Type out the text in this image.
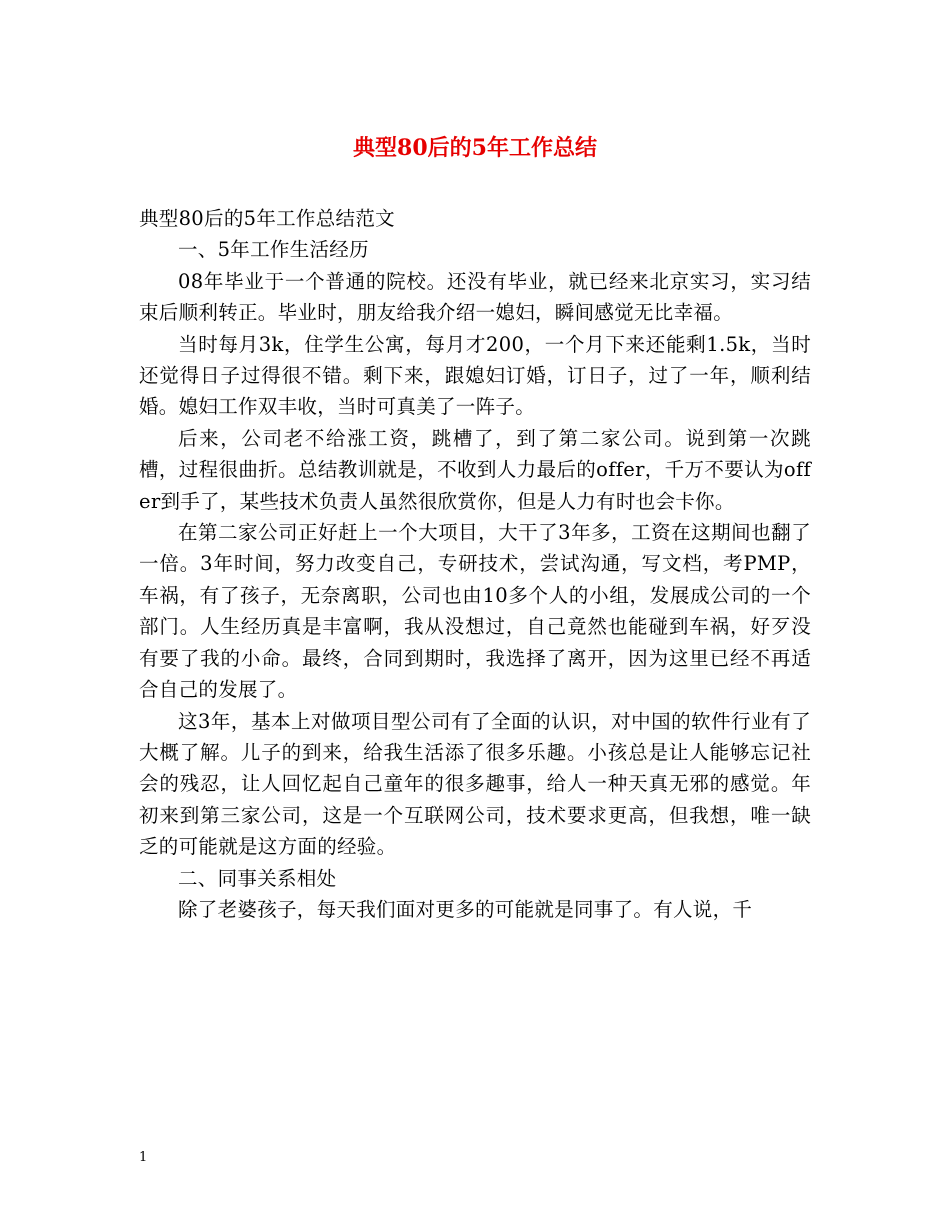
典型80后的5年工作总结

典型80后的5年工作总结范文

一、5年工作生活经历

08年毕业于一个普通的院校。还没有毕业，就已经来北京实习，实习结束后顺利转正。毕业时，朋友给我介绍一媳妇，瞬间感觉无比幸福。

当时每月3k，住学生公寓，每月才200，一个月下来还能剩1.5k，当时还觉得日子过得很不错。剩下来，跟媳妇订婚，订日子，过了一年，顺利结婚。媳妇工作双丰收，当时可真美了一阵子。

后来，公司老不给涨工资，跳槽了，到了第二家公司。说到第一次跳槽，过程很曲折。总结教训就是，不收到人力最后的offer，千万不要认为offer到手了，某些技术负责人虽然很欣赏你，但是人力有时也会卡你。

在第二家公司正好赶上一个大项目，大干了3年多，工资在这期间也翻了一倍。3年时间，努力改变自己，专研技术，尝试沟通，写文档，考PMP，车祸，有了孩子，无奈离职，公司也由10多个人的小组，发展成公司的一个部门。人生经历真是丰富啊，我从没想过，自己竟然也能碰到车祸，好歹没有要了我的小命。最终，合同到期时，我选择了离开，因为这里已经不再适合自己的发展了。

这3年，基本上对做项目型公司有了全面的认识，对中国的软件行业有了大概了解。儿子的到来，给我生活添了很多乐趣。小孩总是让人能够忘记社会的残忍，让人回忆起自己童年的很多趣事，给人一种天真无邪的感觉。年初来到第三家公司，这是一个互联网公司，技术要求更高，但我想，唯一缺乏的可能就是这方面的经验。

二、同事关系相处

除了老婆孩子，每天我们面对更多的可能就是同事了。有人说，千

1
